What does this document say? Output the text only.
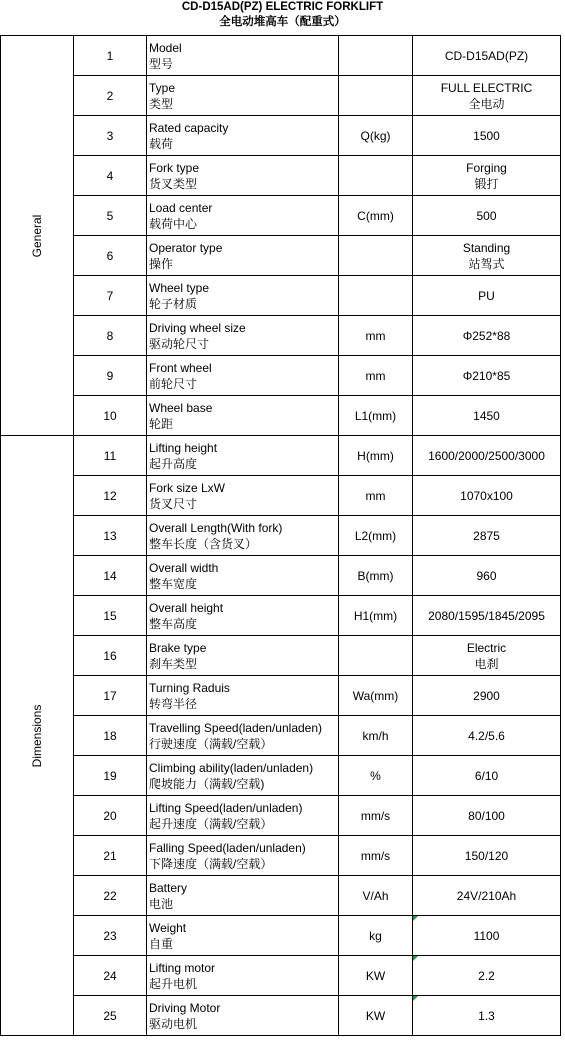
CD-D15AD(PZ) ELECTRIC FORKLIFT
全电动堆高车（配重式）
General	1	Model
型号		CD-D15AD(PZ)

	2	Type
类型		FULL ELECTRIC
全电动

	3	Rated capacity
载荷	Q(kg)	1500

	4	Fork type
货叉类型		Forging
锻打

	5	Load center
载荷中心	C(mm)	500

	6	Operator type
操作		Standing
站驾式

	7	Wheel type
轮子材质		PU

	8	Driving wheel size
驱动轮尺寸	mm	Φ252*88

	9	Front wheel
前轮尺寸	mm	Φ210*85

	10	Wheel base
轮距	L1(mm)	1450

Dimensions	11	Lifting height
起升高度	H(mm)	1600/2000/2500/3000

	12	Fork size LxW
货叉尺寸	mm	1070x100

	13	Overall Length(With fork)
整车长度（含货叉）	L2(mm)	2875

	14	Overall width
整车宽度	B(mm)	960

	15	Overall height
整车高度	H1(mm)	2080/1595/1845/2095

	16	Brake type
刹车类型		Electric
电刹

	17	Turning Raduis
转弯半径	Wa(mm)	2900

	18	Travelling Speed(laden/unladen)
行驶速度（满载/空载）	km/h	4.2/5.6

	19	Climbing ability(laden/unladen)
爬坡能力（满载/空载)	%	6/10

	20	Lifting Speed(laden/unladen)
起升速度（满载/空载）	mm/s	80/100

	21	Falling Speed(laden/unladen)
下降速度（满载/空载）	mm/s	150/120

	22	Battery
电池	V/Ah	24V/210Ah

	23	Weight
自重	kg	1100

	24	Lifting motor
起升电机	KW	2.2

	25	Driving Motor
驱动电机	KW	1.3
